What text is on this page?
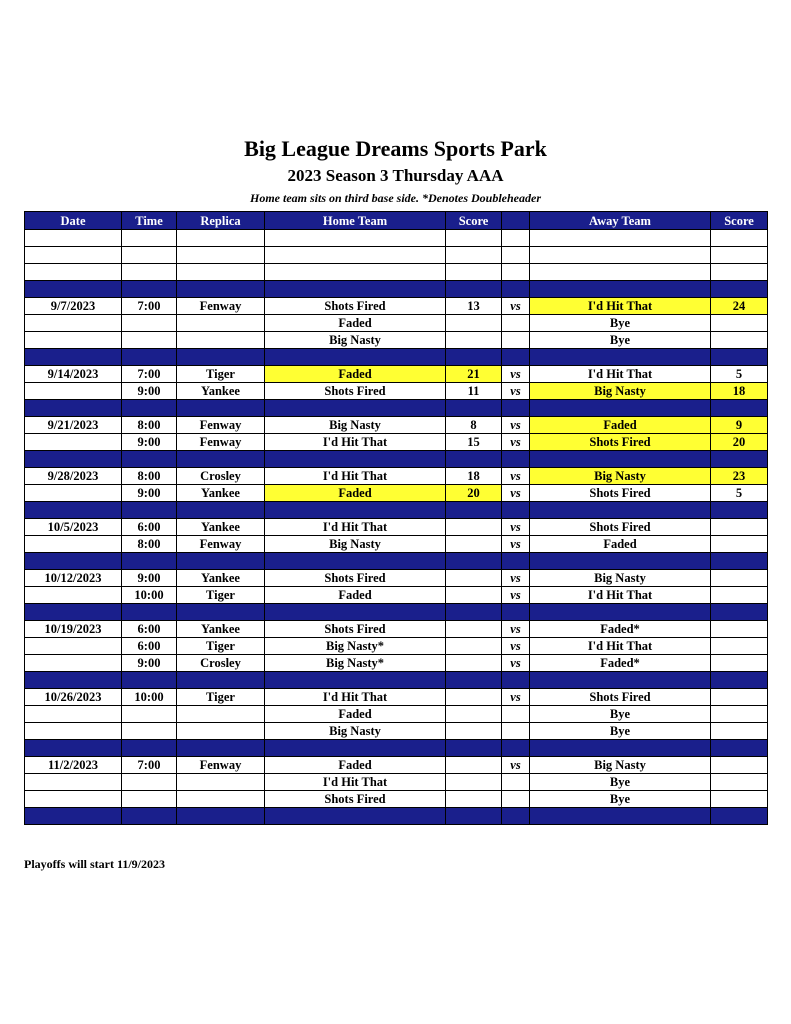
Big League Dreams Sports Park
2023 Season 3 Thursday AAA
Home team sits on third base side. *Denotes Doubleheader
Date	Time	Replica	Home Team	Score		Away Team	Score

9/7/2023	7:00	Fenway	Shots Fired	13	vs	I'd Hit That	24
			Faded			Bye	
			Big Nasty			Bye	

9/14/2023	7:00	Tiger	Faded	21	vs	I'd Hit That	5
	9:00	Yankee	Shots Fired	11	vs	Big Nasty	18

9/21/2023	8:00	Fenway	Big Nasty	8	vs	Faded	9
	9:00	Fenway	I'd Hit That	15	vs	Shots Fired	20

9/28/2023	8:00	Crosley	I'd Hit That	18	vs	Big Nasty	23
	9:00	Yankee	Faded	20	vs	Shots Fired	5

10/5/2023	6:00	Yankee	I'd Hit That		vs	Shots Fired	
	8:00	Fenway	Big Nasty		vs	Faded	

10/12/2023	9:00	Yankee	Shots Fired		vs	Big Nasty	
	10:00	Tiger	Faded		vs	I'd Hit That	

10/19/2023	6:00	Yankee	Shots Fired		vs	Faded*	
	6:00	Tiger	Big Nasty*		vs	I'd Hit That	
	9:00	Crosley	Big Nasty*		vs	Faded*	

10/26/2023	10:00	Tiger	I'd Hit That		vs	Shots Fired	
			Faded			Bye	
			Big Nasty			Bye	

11/2/2023	7:00	Fenway	Faded		vs	Big Nasty	
			I'd Hit That			Bye	
			Shots Fired			Bye	

Playoffs will start 11/9/2023
